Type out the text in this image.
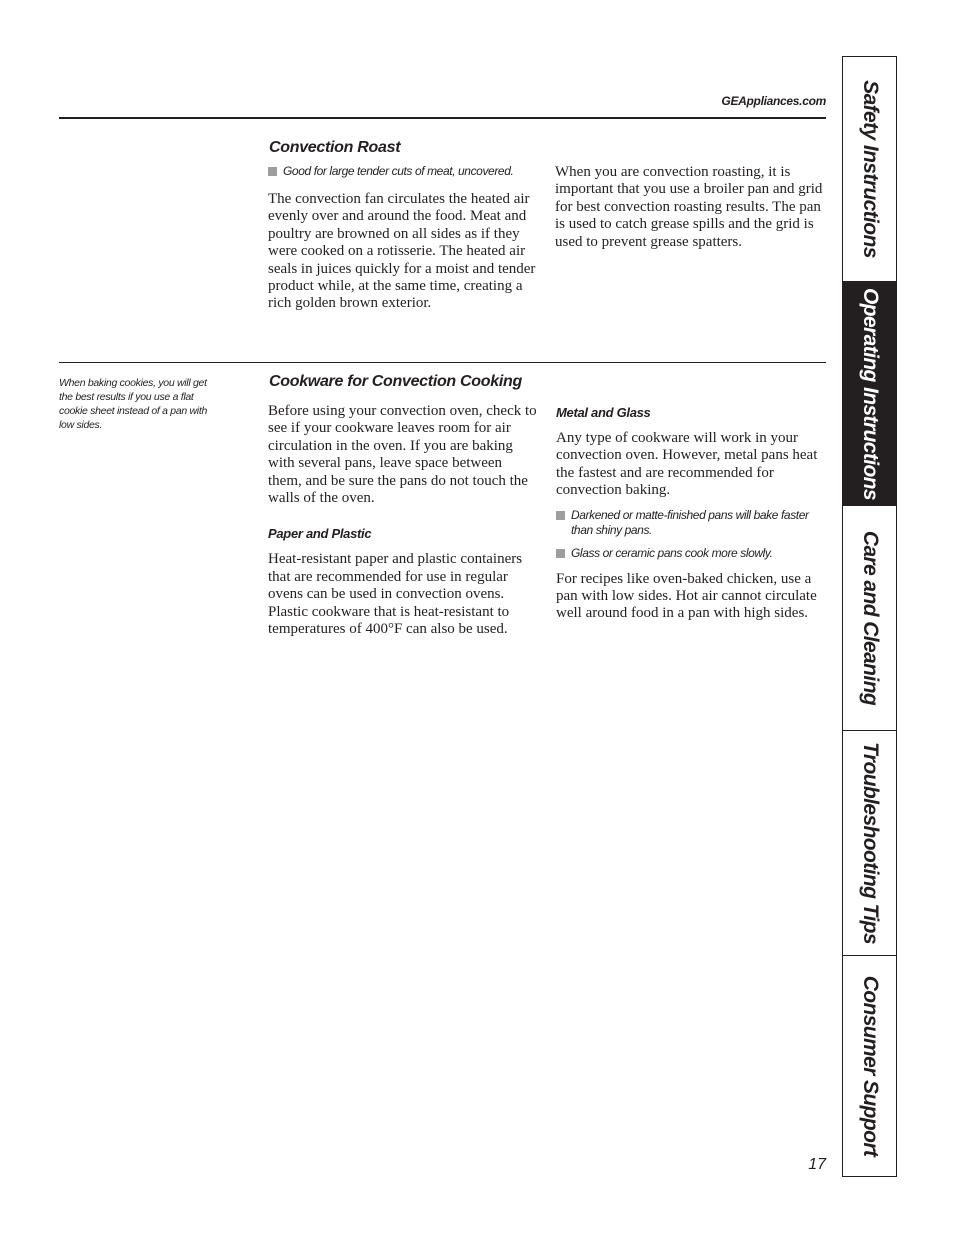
GEAppliances.com
Convection Roast

Good for large tender cuts of meat, uncovered.

The convection fan circulates the heated air evenly over and around the food. Meat and poultry are browned on all sides as if they were cooked on a rotisserie. The heated air seals in juices quickly for a moist and tender product while, at the same time, creating a rich golden brown exterior.

When you are convection roasting, it is important that you use a broiler pan and grid for best convection roasting results. The pan is used to catch grease spills and the grid is used to prevent grease spatters.

When baking cookies, you will get the best results if you use a flat cookie sheet instead of a pan with low sides.
Cookware for Convection Cooking

Before using your convection oven, check to see if your cookware leaves room for air circulation in the oven. If you are baking with several pans, leave space between them, and be sure the pans do not touch the walls of the oven.

Paper and Plastic

Heat-resistant paper and plastic containers that are recommended for use in regular ovens can be used in convection ovens. Plastic cookware that is heat-resistant to temperatures of 400°F can also be used.

Metal and Glass

Any type of cookware will work in your convection oven. However, metal pans heat the fastest and are recommended for convection baking.

Darkened or matte-finished pans will bake faster than shiny pans.

Glass or ceramic pans cook more slowly.

For recipes like oven-baked chicken, use a pan with low sides. Hot air cannot circulate well around food in a pan with high sides.

Safety Instructions
Operating Instructions
Care and Cleaning
Troubleshooting Tips
Consumer Support
17
